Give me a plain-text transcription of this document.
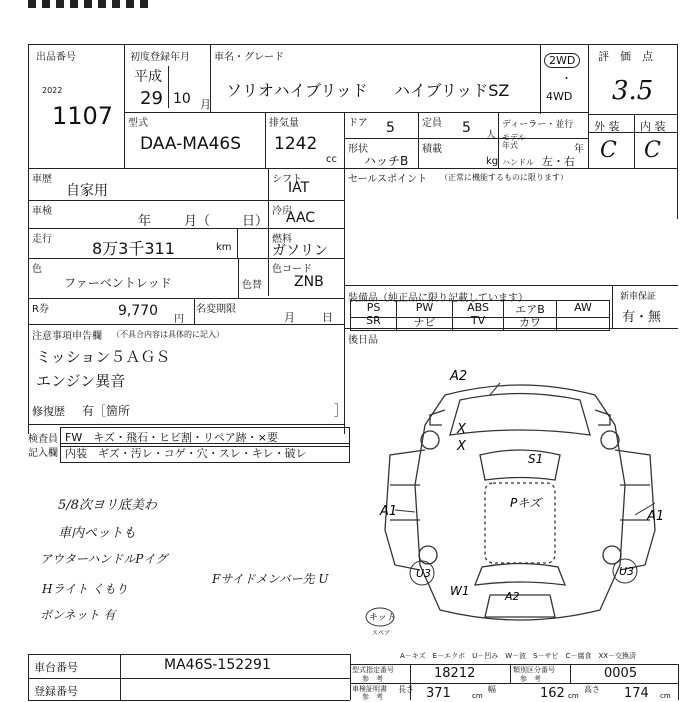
出品番号
2022
1107
初度登録年月
平成
29 10 月
車名・グレード
ソリオハイブリッド ハイブリッドSZ
2WD
・
4WD
評　価　点
3.5
外 装 内 装
C C
型式
DAA-MA46S
排気量
1242
cc
ドア 5	定員 5 人
ディーラー・並行
モデル 年式	年
形状
ハッチB
積載
kg ハンドル 左・右
車歴
自家用
シフト
IAT
セールスポイント （正常に機能するものに限ります）
車検
年	月（ 日）
冷房
AAC
走行	8万3千311	km
燃料
ガソリン
色
ファーベントレッド	色替
色コード
ZNB
R券	9,770
円
名変期限
月 日
装備品（純正品に限り記載しています）	新車保証
PS	PW	ABS	エアB	AW
SR	ナビ	TV	カワ	有・無
後日品
注意事項申告欄 （不具合内容は具体的に記入）
ミッション５ＡＧＳ
エンジン異音
修復歴 有［箇所	］
検査員
記入欄
FW　キズ・飛石・ヒビ割・リペア跡・×要
内装　ギズ・汚レ・コゲ・穴・スレ・キレ・破レ
5/8次ヨリ底美わ
車内ペットも
アウターハンドルPイグ
Hライト くもり
ボンネット 有
Fサイドメンバー先 U
A2
S1
X
X
A1	A1
Pキズ
U3	U3
W1	A2
キット
スペア
A－キズ　E－エクボ　U－凹み　W－波　S－サビ　C－腐食　XX－交換済
車台番号	MA46S-152291
登録番号
型式指定番号
参　考	18212	類別区分番号
参　考	0005
車検証明書
参　考
長さ 371	cm
幅	162 cm
高さ 174 cm
